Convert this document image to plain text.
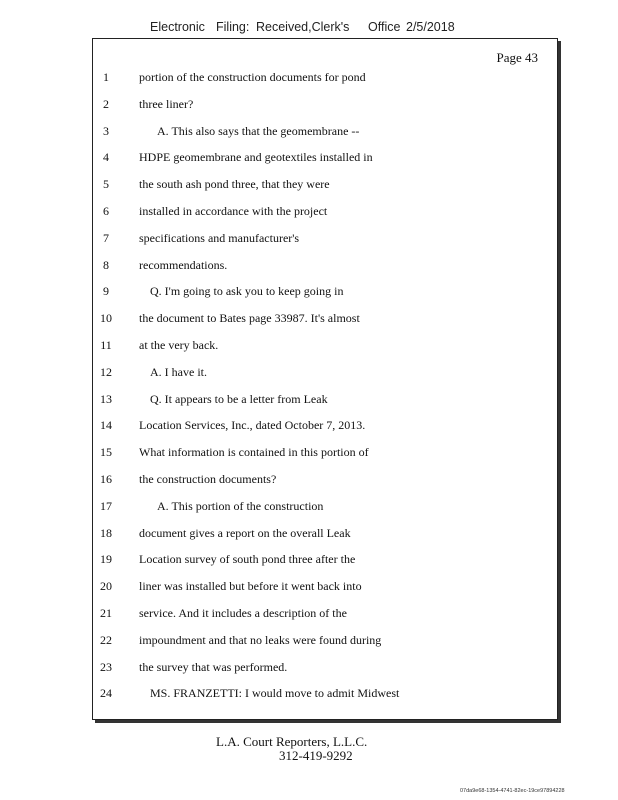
Electronic Filing: Received,Clerk's Office 2/5/2018
Page 43
1	portion of the construction documents for pond
2	three liner?
3	A. This also says that the geomembrane --
4	HDPE geomembrane and geotextiles installed in
5	the south ash pond three, that they were
6	installed in accordance with the project
7	specifications and manufacturer's
8	recommendations.
9	Q. I'm going to ask you to keep going in
10	the document to Bates page 33987. It's almost
11	at the very back.
12	A. I have it.
13	Q. It appears to be a letter from Leak
14	Location Services, Inc., dated October 7, 2013.
15	What information is contained in this portion of
16	the construction documents?
17	A. This portion of the construction
18	document gives a report on the overall Leak
19	Location survey of south pond three after the
20	liner was installed but before it went back into
21	service. And it includes a description of the
22	impoundment and that no leaks were found during
23	the survey that was performed.
24	MS. FRANZETTI: I would move to admit Midwest
L.A. Court Reporters, L.L.C.
312-419-9292
07da9e68-1354-4741-82ec-19ce97894228
